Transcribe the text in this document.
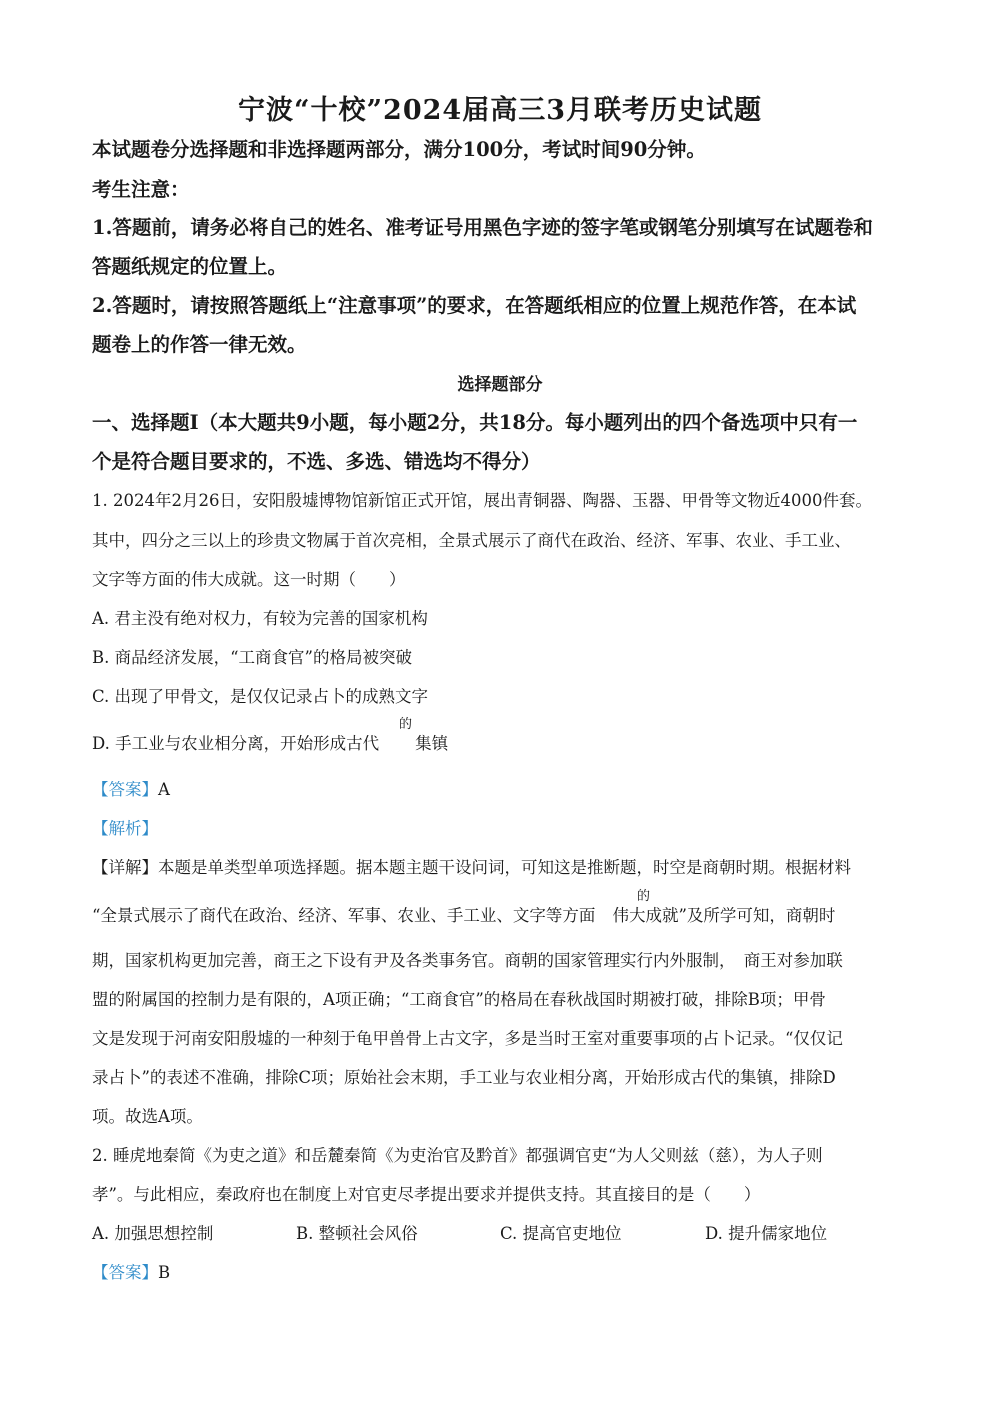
宁波“十校”2024届高三3月联考历史试题
本试题卷分选择题和非选择题两部分，满分100分，考试时间90分钟。
考生注意：
1.答题前，请务必将自己的姓名、准考证号用黑色字迹的签字笔或钢笔分别填写在试题卷和
答题纸规定的位置上。
2.答题时，请按照答题纸上“注意事项”的要求，在答题纸相应的位置上规范作答，在本试
题卷上的作答一律无效。
选择题部分
一、选择题Ⅰ（本大题共9小题，每小题2分，共18分。每小题列出的四个备选项中只有一
个是符合题目要求的，不选、多选、错选均不得分）
1. 2024年2月26日，安阳殷墟博物馆新馆正式开馆，展出青铜器、陶器、玉器、甲骨等文物近4000件套。
其中，四分之三以上的珍贵文物属于首次亮相，全景式展示了商代在政治、经济、军事、农业、手工业、
文字等方面的伟大成就。这一时期（　　）
A. 君主没有绝对权力，有较为完善的国家机构
B. 商品经济发展，“工商食官”的格局被突破
C. 出现了甲骨文，是仅仅记录占卜的成熟文字
D. 手工业与农业相分离，开始形成古代 集镇
的
【答案】A
【解析】
【详解】本题是单类型单项选择题。据本题主题干设问词，可知这是推断题，时空是商朝时期。根据材料
“全景式展示了商代在政治、经济、军事、农业、手工业、文字等方面 伟大成就”及所学可知，商朝时
的
期，国家机构更加完善，商王之下设有尹及各类事务官。商朝的国家管理实行内外服制，　商王对参加联
盟的附属国的控制力是有限的，A项正确；“工商食官”的格局在春秋战国时期被打破，排除B项；甲骨
文是发现于河南安阳殷墟的一种刻于龟甲兽骨上古文字，多是当时王室对重要事项的占卜记录。“仅仅记
录占卜”的表述不准确，排除C项；原始社会末期，手工业与农业相分离，开始形成古代的集镇，排除D
项。故选A项。
2. 睡虎地秦简《为吏之道》和岳麓秦简《为吏治官及黔首》都强调官吏“为人父则兹（慈），为人子则
孝”。与此相应，秦政府也在制度上对官吏尽孝提出要求并提供支持。其直接目的是（　　）
A. 加强思想控制	B. 整顿社会风俗	C. 提高官吏地位	D. 提升儒家地位
【答案】B
